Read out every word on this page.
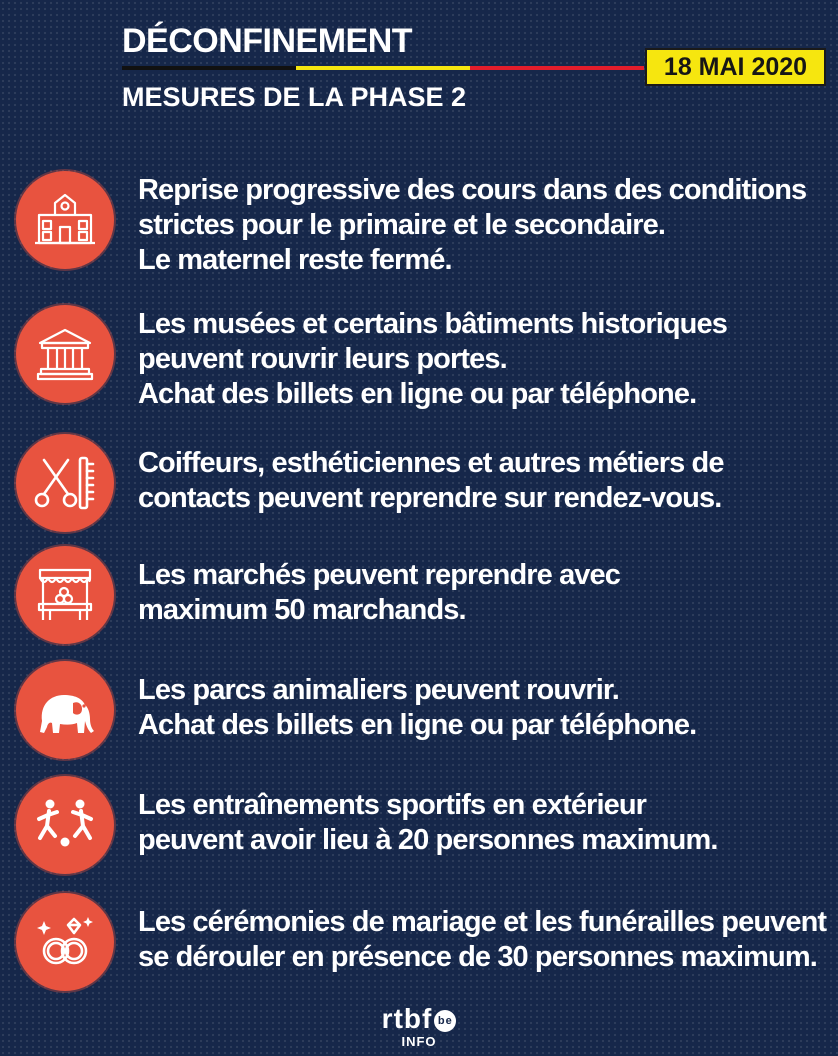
DÉCONFINEMENT
MESURES DE LA PHASE 2
18 MAI 2020
Reprise progressive des cours dans des conditions
strictes pour le primaire et le secondaire.
Le maternel reste fermé.
Les musées et certains bâtiments historiques
peuvent rouvrir leurs portes.
Achat des billets en ligne ou par téléphone.
Coiffeurs, esthéticiennes et autres métiers de
contacts peuvent reprendre sur rendez-vous.
Les marchés peuvent reprendre avec
maximum 50 marchands.
Les parcs animaliers peuvent rouvrir.
Achat des billets en ligne ou par téléphone.
Les entraînements sportifs en extérieur
peuvent avoir lieu à 20 personnes maximum.
Les cérémonies de mariage et les funérailles peuvent
se dérouler en présence de 30 personnes maximum.
rtbf be
INFO
